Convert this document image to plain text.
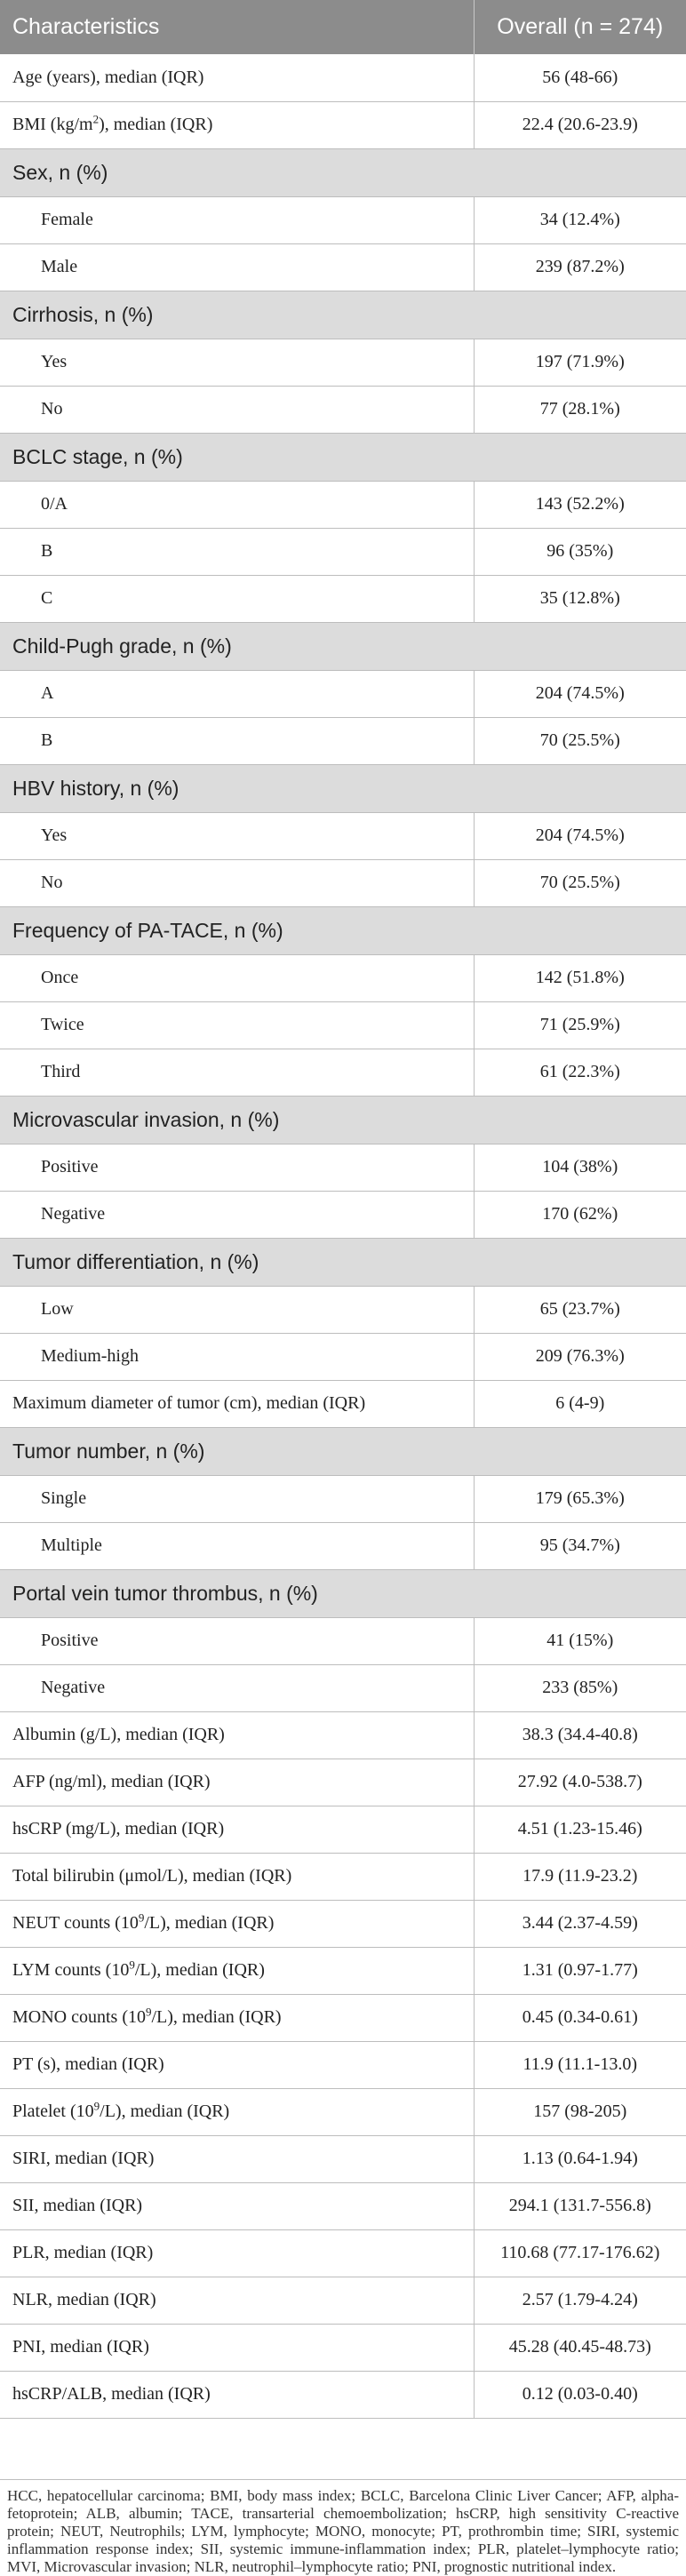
Characteristics	Overall (n = 274)
Age (years), median (IQR)	56 (48-66)
BMI $(kg/m^2)$, median (IQR)	22.4 (20.6-23.9)
Sex, n (%)	
Female	34 (12.4%)
Male	239 (87.2%)
Cirrhosis, n (%)	
Yes	197 (71.9%)
No	77 (28.1%)
BCLC stage, n (%)	
0/A	143 (52.2%)
B	96 (35%)
C	35 (12.8%)
Child-Pugh grade, n (%)	
A	204 (74.5%)
B	70 (25.5%)
HBV history, n (%)	
Yes	204 (74.5%)
No	70 (25.5%)
Frequency of PA-TACE, n (%)	
Once	142 (51.8%)
Twice	71 (25.9%)
Third	61 (22.3%)
Microvascular invasion, n (%)	
Positive	104 (38%)
Negative	170 (62%)
Tumor differentiation, n (%)	
Low	65 (23.7%)
Medium-high	209 (76.3%)
Maximum diameter of tumor (cm), median (IQR)	6 (4-9)
Tumor number, n (%)	
Single	179 (65.3%)
Multiple	95 (34.7%)
Portal vein tumor thrombus, n (%)	
Positive	41 (15%)
Negative	233 (85%)
Albumin (g/L), median (IQR)	38.3 (34.4-40.8)
AFP (ng/ml), median (IQR)	27.92 (4.0-538.7)
hsCRP (mg/L), median (IQR)	4.51 (1.23-15.46)
Total bilirubin (μmol/L), median (IQR)	17.9 (11.9-23.2)
NEUT counts $(10^9/L)$, median (IQR)	3.44 (2.37-4.59)
LYM counts $(10^9/L)$, median (IQR)	1.31 (0.97-1.77)
MONO counts $(10^9/L)$, median (IQR)	0.45 (0.34-0.61)
PT (s), median (IQR)	11.9 (11.1-13.0)
Platelet $(10^9/L)$, median (IQR)	157 (98-205)
SIRI, median (IQR)	1.13 (0.64-1.94)
SII, median (IQR)	294.1 (131.7-556.8)
PLR, median (IQR)	110.68 (77.17-176.62)
NLR, median (IQR)	2.57 (1.79-4.24)
PNI, median (IQR)	45.28 (40.45-48.73)
hsCRP/ALB, median (IQR)	0.12 (0.03-0.40)
HCC, hepatocellular carcinoma; BMI, body mass index; BCLC, Barcelona Clinic Liver Cancer; AFP, alpha-fetoprotein; ALB, albumin; TACE, transarterial chemoembolization; hsCRP, high sensitivity C-reactive protein; NEUT, Neutrophils; LYM, lymphocyte; MONO, monocyte; PT, prothrombin time; SIRI, systemic inflammation response index; SII, systemic immune-inflammation index; PLR, platelet–lymphocyte ratio; MVI, Microvascular invasion; NLR, neutrophil–lymphocyte ratio; PNI, prognostic nutritional index.
